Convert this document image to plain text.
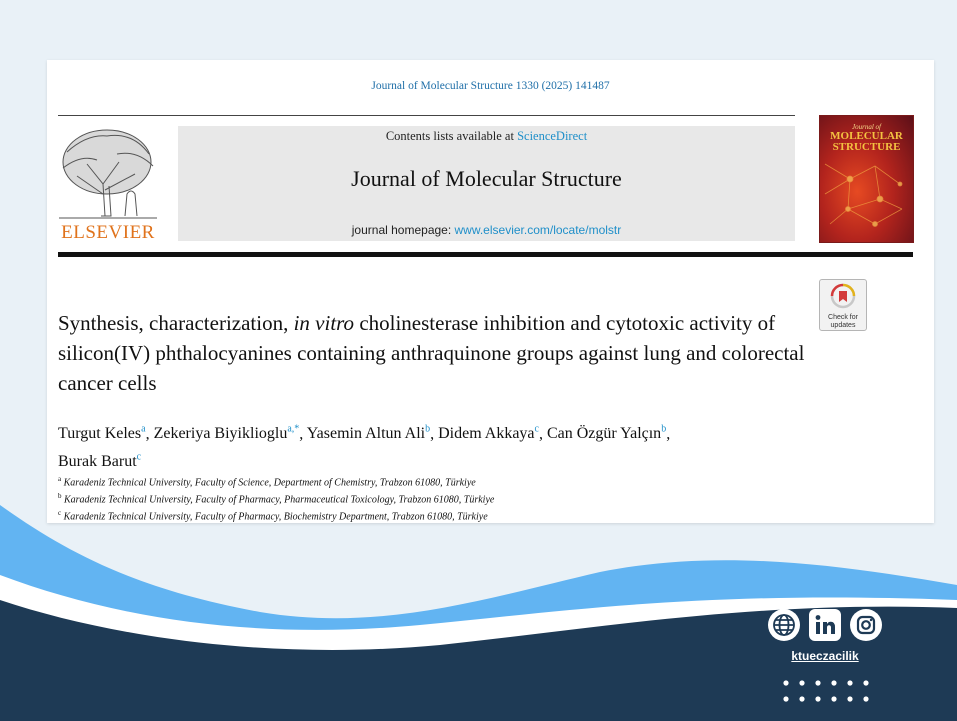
Journal of Molecular Structure 1330 (2025) 141487
ELSEVIER
Contents lists available at ScienceDirect
Journal of Molecular Structure
journal homepage: www.elsevier.com/locate/molstr
Journal of
MOLECULAR
STRUCTURE
Check for
updates
Synthesis, characterization, in vitro cholinesterase inhibition and cytotoxic activity of silicon(IV) phthalocyanines containing anthraquinone groups against lung and colorectal cancer cells
Turgut Keles$^a$, Zekeriya Biyiklioglu$^{a,*}$, Yasemin Altun Ali$^b$, Didem Akkaya$^c$, Can Özgür Yalçın$^b$,
Burak Barut$^c$
$^a$ Karadeniz Technical University, Faculty of Science, Department of Chemistry, Trabzon 61080, Türkiye
$^b$ Karadeniz Technical University, Faculty of Pharmacy, Pharmaceutical Toxicology, Trabzon 61080, Türkiye
$^c$ Karadeniz Technical University, Faculty of Pharmacy, Biochemistry Department, Trabzon 61080, Türkiye
ktueczacilik
